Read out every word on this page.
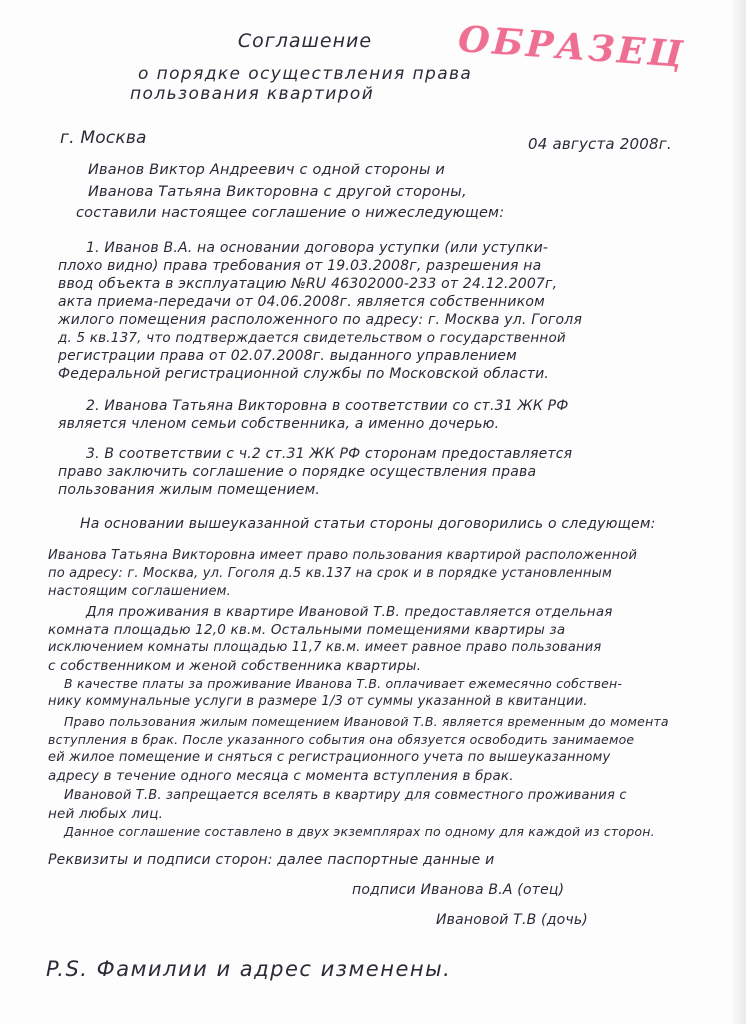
ОБРАЗЕЦ
Соглашение
о порядке осуществления права
пользования квартирой
г. Москва	04 августа 2008г.
Иванов Виктор Андреевич с одной стороны и
Иванова Татьяна Викторовна с другой стороны,
составили настоящее соглашение о нижеследующем:
1. Иванов В.А. на основании договора уступки (или уступки-
плохо видно) права требования от 19.03.2008г, разрешения на
ввод объекта в эксплуатацию №RU 46302000-233 от 24.12.2007г,
акта приема-передачи от 04.06.2008г. является собственником
жилого помещения расположенного по адресу: г. Москва ул. Гоголя
д. 5 кв.137, что подтверждается свидетельством о государственной
регистрации права от 02.07.2008г. выданного управлением
Федеральной регистрационной службы по Московской области.
2. Иванова Татьяна Викторовна в соответствии со ст.31 ЖК РФ
является членом семьи собственника, а именно дочерью.
3. В соответствии с ч.2 ст.31 ЖК РФ сторонам предоставляется
право заключить соглашение о порядке осуществления права
пользования жилым помещением.
На основании вышеуказанной статьи стороны договорились о следующем:
Иванова Татьяна Викторовна имеет право пользования квартирой расположенной
по адресу: г. Москва, ул. Гоголя д.5 кв.137 на срок и в порядке установленным
настоящим соглашением.
Для проживания в квартире Ивановой Т.В. предоставляется отдельная
комната площадью 12,0 кв.м. Остальными помещениями квартиры за
исключением комнаты площадью 11,7 кв.м. имеет равное право пользования
с собственником и женой собственника квартиры.
В качестве платы за проживание Иванова Т.В. оплачивает ежемесячно собствен-
нику коммунальные услуги в размере 1/3 от суммы указанной в квитанции.
Право пользования жилым помещением Ивановой Т.В. является временным до момента
вступления в брак. После указанного события она обязуется освободить занимаемое
ей жилое помещение и сняться с регистрационного учета по вышеуказанному
адресу в течение одного месяца с момента вступления в брак.
Ивановой Т.В. запрещается вселять в квартиру для совместного проживания с
ней любых лиц.
Данное соглашение составлено в двух экземплярах по одному для каждой из сторон.
Реквизиты и подписи сторон: далее паспортные данные и
подписи Иванова В.А (отец)
Ивановой Т.В (дочь)
P.S. Фамилии и адрес изменены.
